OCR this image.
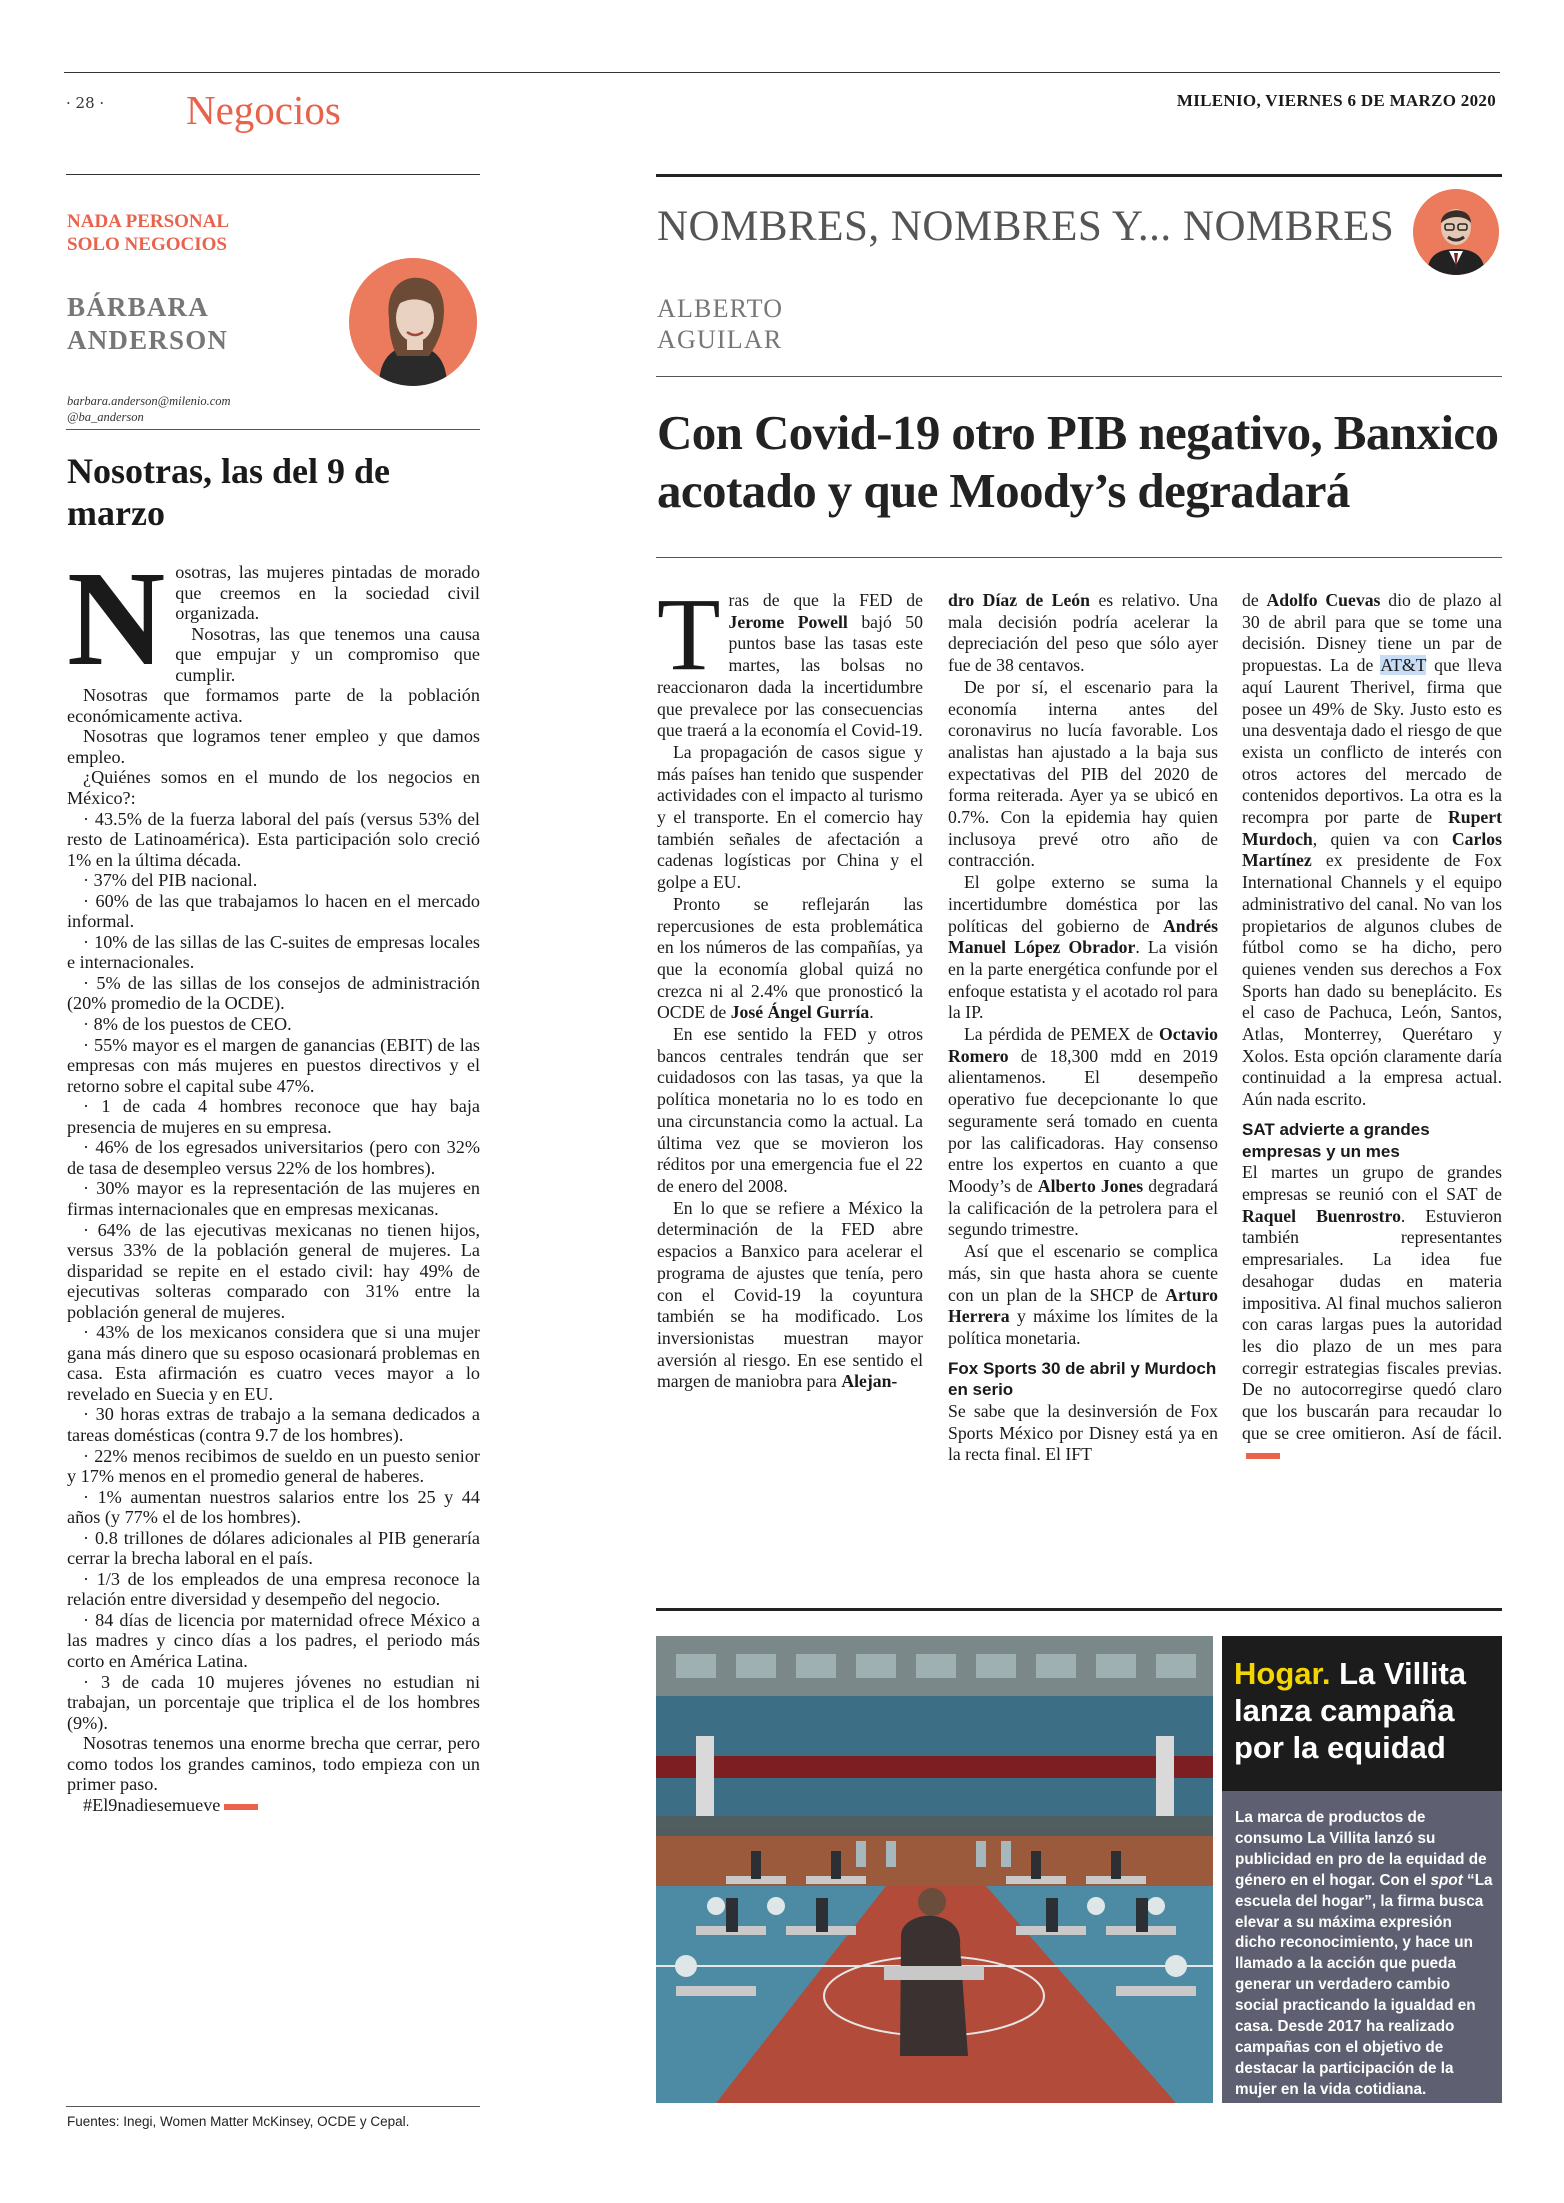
· 28 · Negocios	MILENIO, VIERNES 6 DE MARZO 2020
NADA PERSONAL
SOLO NEGOCIOS
BÁRBARA
ANDERSON
barbara.anderson@milenio.com
@ba_anderson
Nosotras, las del 9 de marzo

Nosotras, las mujeres pintadas de morado que creemos en la sociedad civil organizada.

Nosotras, las que tenemos una causa que empujar y un compromiso que cumplir.

Nosotras que formamos parte de la población económicamente activa.

Nosotras que logramos tener empleo y que damos empleo.

¿Quiénes somos en el mundo de los negocios en México?:

· 43.5% de la fuerza laboral del país (versus 53% del resto de Latinoamérica). Esta participación solo creció 1% en la última década.

· 37% del PIB nacional.

· 60% de las que trabajamos lo hacen en el mercado informal.

· 10% de las sillas de las C-suites de empresas locales e internacionales.

· 5% de las sillas de los consejos de administración (20% promedio de la OCDE).

· 8% de los puestos de CEO.

· 55% mayor es el margen de ganancias (EBIT) de las empresas con más mujeres en puestos directivos y el retorno sobre el capital sube 47%.

· 1 de cada 4 hombres reconoce que hay baja presencia de mujeres en su empresa.

· 46% de los egresados universitarios (pero con 32% de tasa de desempleo versus 22% de los hombres).

· 30% mayor es la representación de las mujeres en firmas internacionales que en empresas mexicanas.

· 64% de las ejecutivas mexicanas no tienen hijos, versus 33% de la población general de mujeres. La disparidad se repite en el estado civil: hay 49% de ejecutivas solteras comparado con 31% entre la población general de mujeres.

· 43% de los mexicanos considera que si una mujer gana más dinero que su esposo ocasionará problemas en casa. Esta afirmación es cuatro veces mayor a lo revelado en Suecia y en EU.

· 30 horas extras de trabajo a la semana dedicados a tareas domésticas (contra 9.7 de los hombres).

· 22% menos recibimos de sueldo en un puesto senior y 17% menos en el promedio general de haberes.

· 1% aumentan nuestros salarios entre los 25 y 44 años (y 77% el de los hombres).

· 0.8 trillones de dólares adicionales al PIB generaría cerrar la brecha laboral en el país.

· 1/3 de los empleados de una empresa reconoce la relación entre diversidad y desempeño del negocio.

· 84 días de licencia por maternidad ofrece México a las madres y cinco días a los padres, el periodo más corto en América Latina.

· 3 de cada 10 mujeres jóvenes no estudian ni trabajan, un porcentaje que triplica el de los hombres (9%).

Nosotras tenemos una enorme brecha que cerrar, pero como todos los grandes caminos, todo empieza con un primer paso.

#El9nadiesemueve

Fuentes: Inegi, Women Matter McKinsey, OCDE y Cepal.
NOMBRES, NOMBRES Y... NOMBRES
ALBERTO
AGUILAR
Con Covid-19 otro PIB negativo, Banxico acotado y que Moody’s degradará

Tras de que la FED de Jerome Powell bajó 50 puntos base las tasas este martes, las bolsas no reaccionaron dada la incertidumbre que prevalece por las consecuencias que traerá a la economía el Covid-19.

La propagación de casos sigue y más países han tenido que suspender actividades con el impacto al turismo y el transporte. En el comercio hay también señales de afectación a cadenas logísticas por China y el golpe a EU.

Pronto se reflejarán las repercusiones de esta problemática en los números de las compañías, ya que la economía global quizá no crezca ni al 2.4% que pronosticó la OCDE de José Ángel Gurría.

En ese sentido la FED y otros bancos centrales tendrán que ser cuidadosos con las tasas, ya que la política monetaria no lo es todo en una circunstancia como la actual. La última vez que se movieron los réditos por una emergencia fue el 22 de enero del 2008.

En lo que se refiere a México la determinación de la FED abre espacios a Banxico para acelerar el programa de ajustes que tenía, pero con el Covid-19 la coyuntura también se ha modificado. Los inversionistas muestran mayor aversión al riesgo. En ese sentido el margen de maniobra para Alejan-

dro Díaz de León es relativo. Una mala decisión podría acelerar la depreciación del peso que sólo ayer fue de 38 centavos.

De por sí, el escenario para la economía interna antes del coronavirus no lucía favorable. Los analistas han ajustado a la baja sus expectativas del PIB del 2020 de forma reiterada. Ayer ya se ubicó en 0.7%. Con la epidemia hay quien inclusoya prevé otro año de contracción.

El golpe externo se suma la incertidumbre doméstica por las políticas del gobierno de Andrés Manuel López Obrador. La visión en la parte energética confunde por el enfoque estatista y el acotado rol para la IP.

La pérdida de PEMEX de Octavio Romero de 18,300 mdd en 2019 alientamenos. El desempeño operativo fue decepcionante lo que seguramente será tomado en cuenta por las calificadoras. Hay consenso entre los expertos en cuanto a que Moody’s de Alberto Jones degradará la calificación de la petrolera para el segundo trimestre.

Así que el escenario se complica más, sin que hasta ahora se cuente con un plan de la SHCP de Arturo Herrera y máxime los límites de la política monetaria.

Fox Sports 30 de abril y Murdoch en serio

Se sabe que la desinversión de Fox Sports México por Disney está ya en la recta final. El IFT

de Adolfo Cuevas dio de plazo al 30 de abril para que se tome una decisión. Disney tiene un par de propuestas. La de AT&T que lleva aquí Laurent Therivel, firma que posee un 49% de Sky. Justo esto es una desventaja dado el riesgo de que exista un conflicto de interés con otros actores del mercado de contenidos deportivos. La otra es la recompra por parte de Rupert Murdoch, quien va con Carlos Martínez ex presidente de Fox International Channels y el equipo administrativo del canal. No van los propietarios de algunos clubes de fútbol como se ha dicho, pero quienes venden sus derechos a Fox Sports han dado su beneplácito. Es el caso de Pachuca, León, Santos, Atlas, Monterrey, Querétaro y Xolos. Esta opción claramente daría continuidad a la empresa actual. Aún nada escrito.

SAT advierte a grandes empresas y un mes

El martes un grupo de grandes empresas se reunió con el SAT de Raquel Buenrostro. Estuvieron también representantes empresariales. La idea fue desahogar dudas en materia impositiva. Al final muchos salieron con caras largas pues la autoridad les dio plazo de un mes para corregir estrategias fiscales previas. De no autocorregirse quedó claro que los buscarán para recaudar lo que se cree omitieron. Así de fácil.

Hogar. La Villita lanza campaña por la equidad
La marca de productos de consumo La Villita lanzó su publicidad en pro de la equidad de género en el hogar. Con el spot “La escuela del hogar”, la firma busca elevar a su máxima expresión dicho reconocimiento, y hace un llamado a la acción que pueda generar un verdadero cambio social practicando la igualdad en casa. Desde 2017 ha realizado campañas con el objetivo de destacar la participación de la mujer en la vida cotidiana. ESPECIAL
